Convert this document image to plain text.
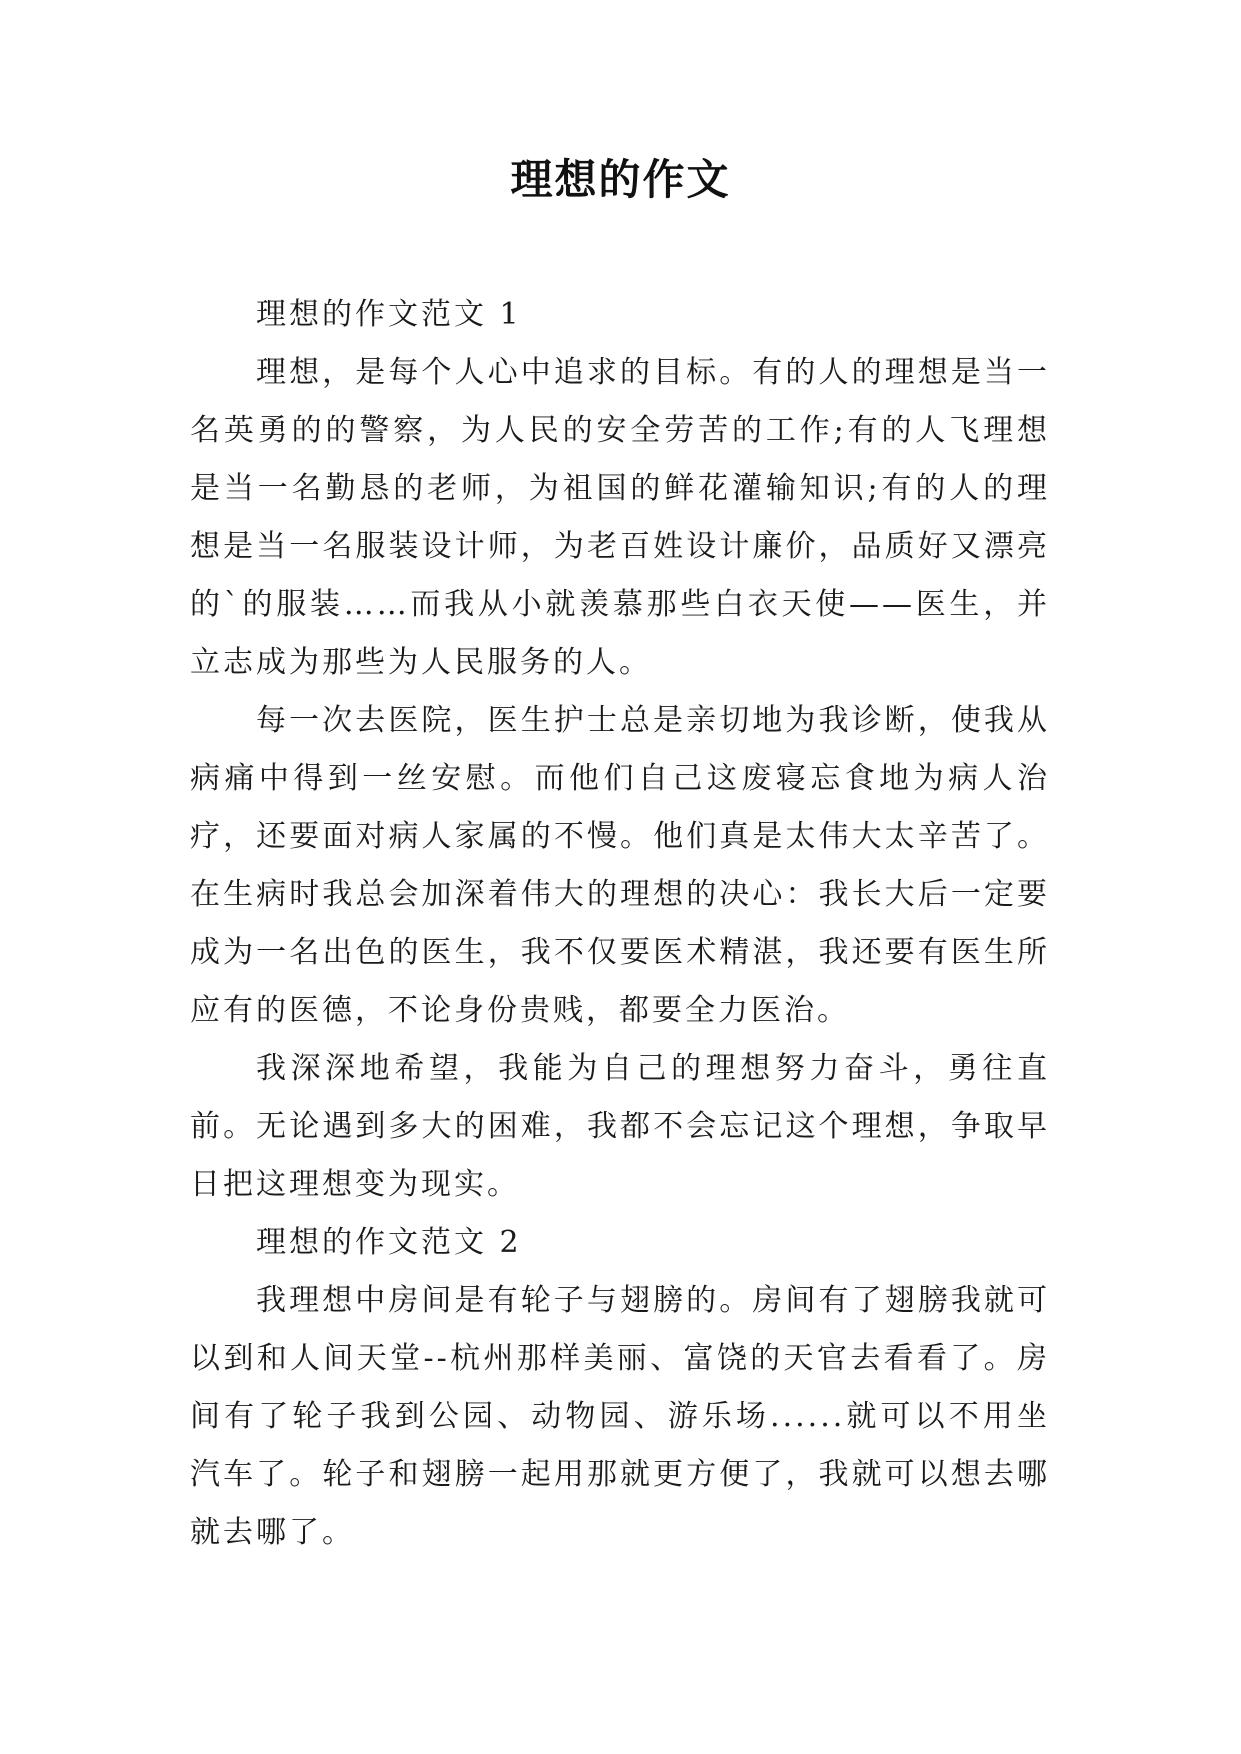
理想的作文

理想的作文范文 1

理想，是每个人心中追求的目标。有的人的理想是当一名英勇的的警察，为人民的安全劳苦的工作;有的人飞理想是当一名勤恳的老师，为祖国的鲜花灌输知识;有的人的理想是当一名服装设计师，为老百姓设计廉价，品质好又漂亮的`的服装……而我从小就羡慕那些白衣天使——医生，并立志成为那些为人民服务的人。

每一次去医院，医生护士总是亲切地为我诊断，使我从病痛中得到一丝安慰。而他们自己这废寝忘食地为病人治疗，还要面对病人家属的不慢。他们真是太伟大太辛苦了。在生病时我总会加深着伟大的理想的决心：我长大后一定要成为一名出色的医生，我不仅要医术精湛，我还要有医生所应有的医德，不论身份贵贱，都要全力医治。

我深深地希望，我能为自己的理想努力奋斗，勇往直前。无论遇到多大的困难，我都不会忘记这个理想，争取早日把这理想变为现实。

理想的作文范文 2

我理想中房间是有轮子与翅膀的。房间有了翅膀我就可以到和人间天堂--杭州那样美丽、富饶的天官去看看了。房间有了轮子我到公园、动物园、游乐场......就可以不用坐汽车了。轮子和翅膀一起用那就更方便了，我就可以想去哪就去哪了。
